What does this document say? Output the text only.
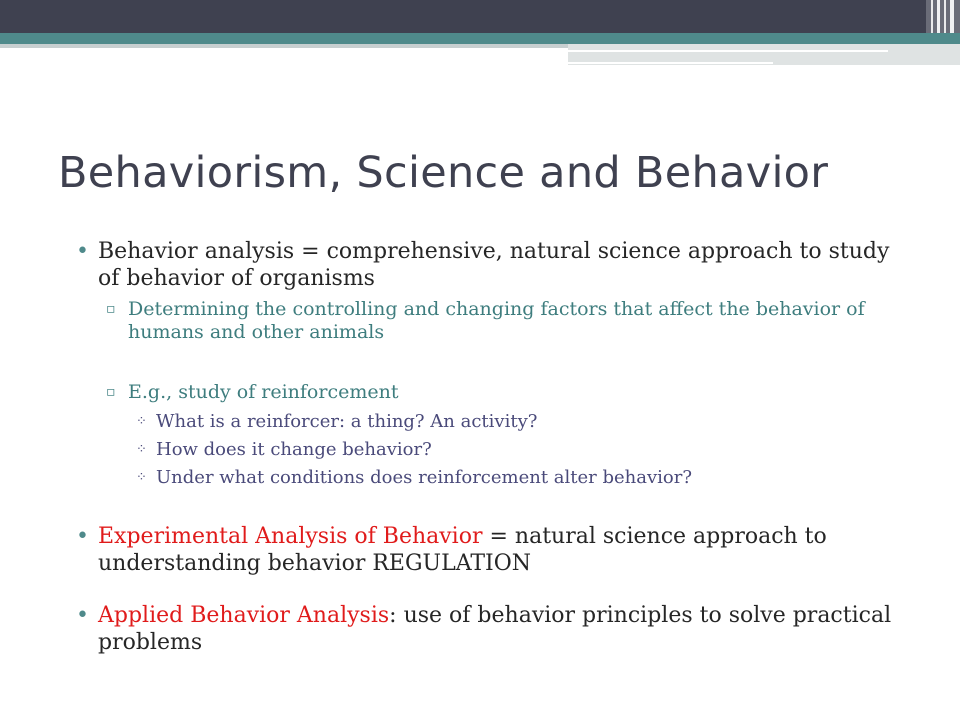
Behaviorism, Science and Behavior
• Behavior analysis = comprehensive, natural science approach to study of behavior of organisms
▫ Determining the controlling and changing factors that affect the behavior of humans and other animals
▫ E.g., study of reinforcement
⁘ What is a reinforcer: a thing? An activity?
⁘ How does it change behavior?
⁘ Under what conditions does reinforcement alter behavior?
• Experimental Analysis of Behavior = natural science approach to understanding behavior REGULATION
• Applied Behavior Analysis: use of behavior principles to solve practical problems
